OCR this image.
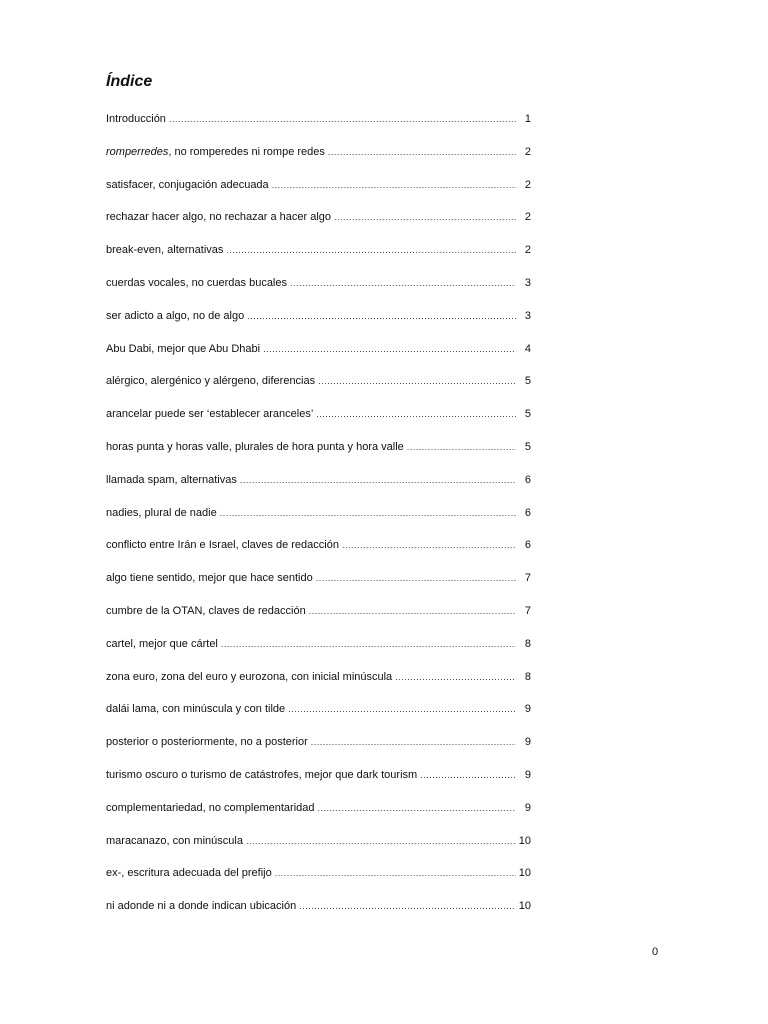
Índice
Introducción .....	1
romperredes, no romperedes ni rompe redes .....	2
satisfacer, conjugación adecuada .....	2
rechazar hacer algo, no rechazar a hacer algo .....	2
break-even, alternativas .....	2
cuerdas vocales, no cuerdas bucales .....	3
ser adicto a algo, no de algo .....	3
Abu Dabi, mejor que Abu Dhabi .....	4
alérgico, alergénico y alérgeno, diferencias .....	5
arancelar puede ser ‘establecer aranceles’ .....	5
horas punta y horas valle, plurales de hora punta y hora valle .....	5
llamada spam, alternativas .....	6
nadies, plural de nadie .....	6
conflicto entre Irán e Israel, claves de redacción .....	6
algo tiene sentido, mejor que hace sentido .....	7
cumbre de la OTAN, claves de redacción .....	7
cartel, mejor que cártel .....	8
zona euro, zona del euro y eurozona, con inicial minúscula .....	8
dalái lama, con minúscula y con tilde .....	9
posterior o posteriormente, no a posterior .....	9
turismo oscuro o turismo de catástrofes, mejor que dark tourism .....	9
complementariedad, no complementaridad .....	9
maracanazo, con minúscula .....	10
ex-, escritura adecuada del prefijo .....	10
ni adonde ni a donde indican ubicación .....	10
0
